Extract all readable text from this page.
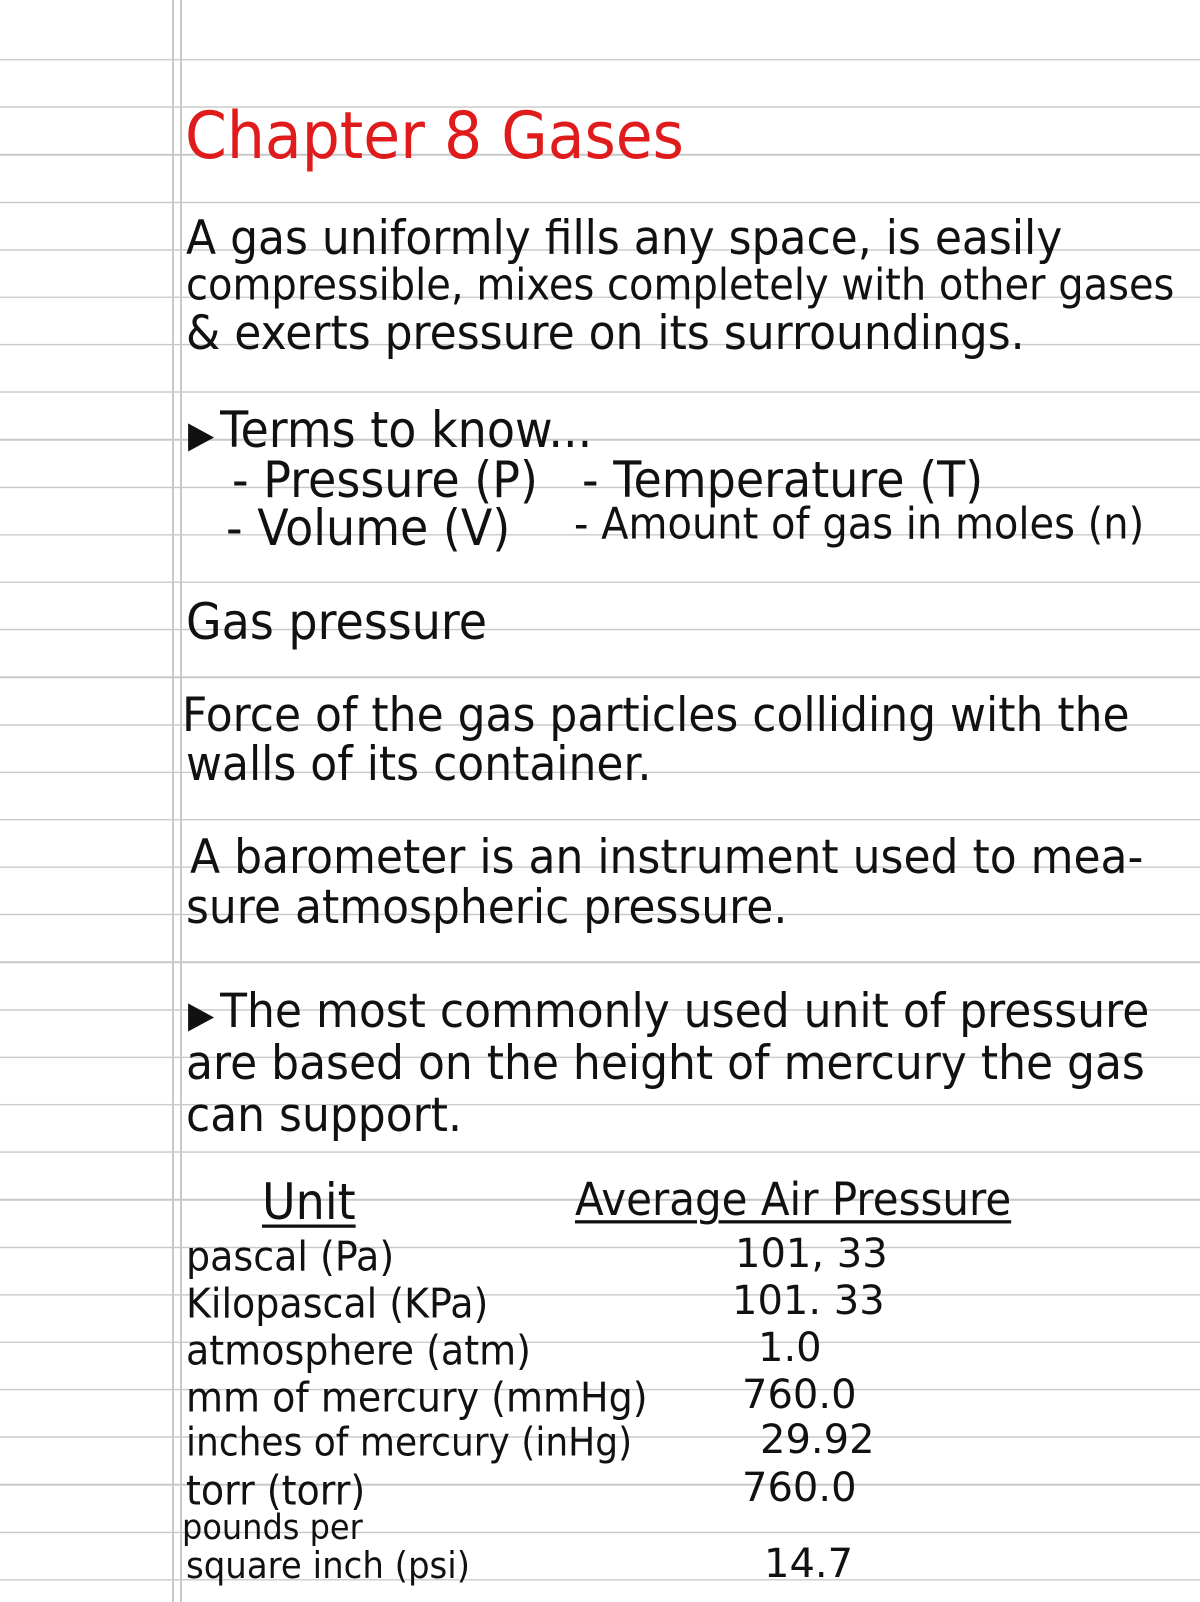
Chapter 8 Gases
A gas uniformly fills any space, is easily
compressible, mixes completely with other gases
& exerts pressure on its surroundings.
▶ Terms to know...
- Pressure (P) - Temperature (T)
- Volume (V) - Amount of gas in moles (n)
Gas pressure
Force of the gas particles colliding with the
walls of its container.
A barometer is an instrument used to mea-
sure atmospheric pressure.
▶ The most commonly used unit of pressure
are based on the height of mercury the gas
can support.
Unit	Average Air Pressure
pascal (Pa)	101, 33
Kilopascal (KPa)	101. 33
atmosphere (atm)	1.0
mm of mercury (mmHg) 760.0
inches of mercury (inHg)	29.92
torr (torr)	760.0
pounds per
square inch (psi)	14.7
